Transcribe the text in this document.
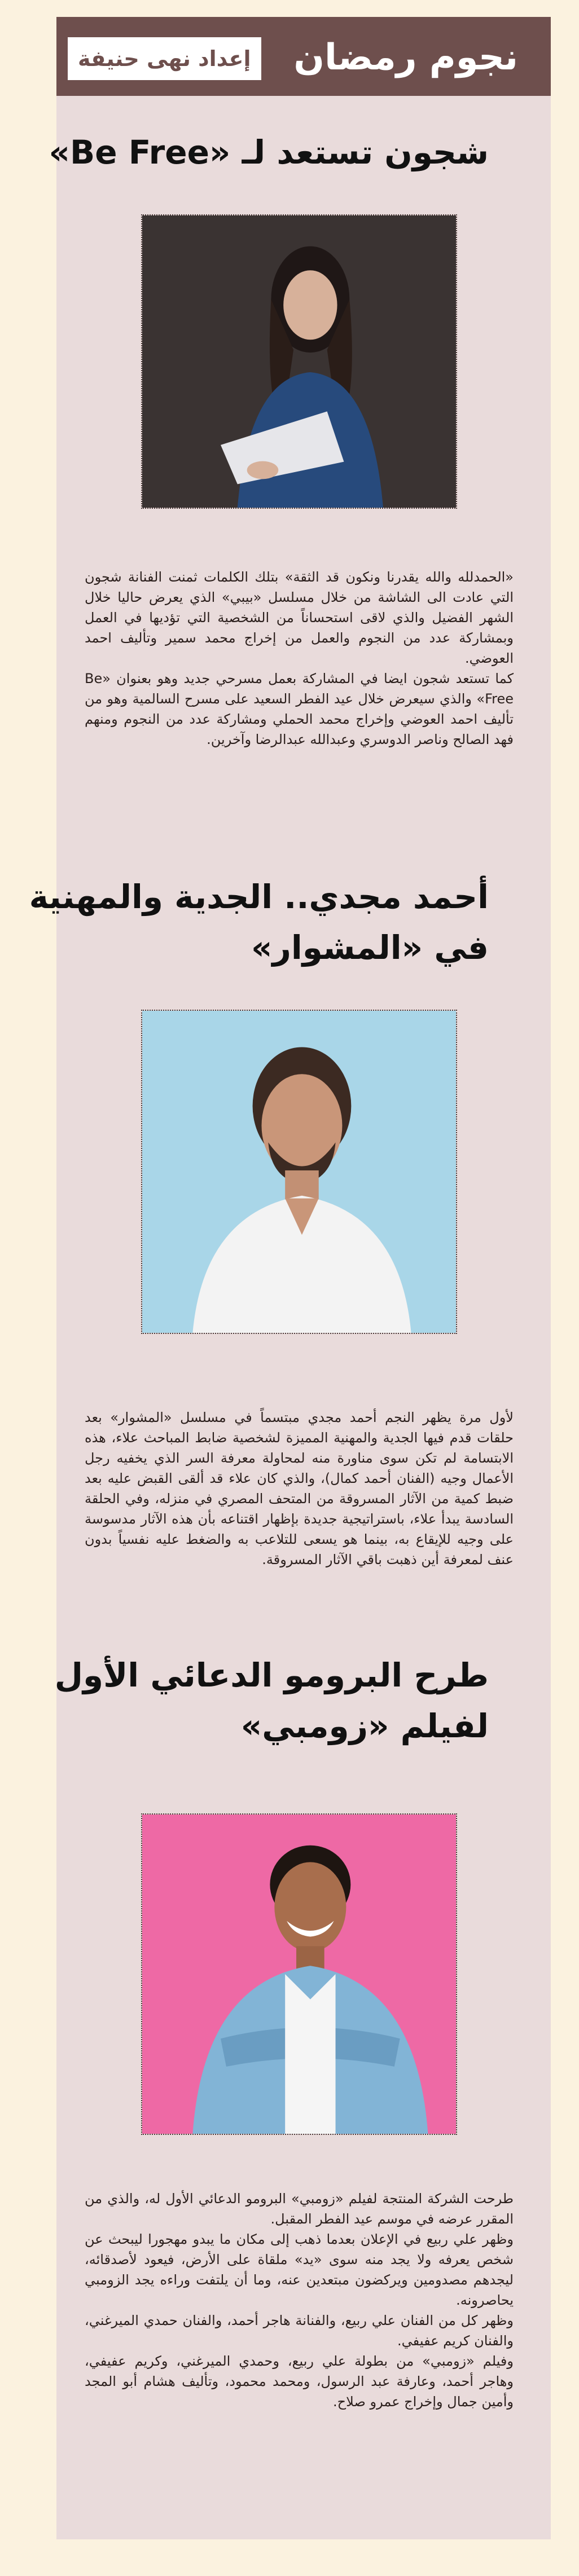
نجوم رمضان
إعداد نهى حنيفة
شجون تستعد لـ «Be Free»

«الحمدلله والله يقدرنا ونكون قد الثقة» بتلك الكلمات ثمنت الفنانة شجون التي عادت الى الشاشة من خلال مسلسل «بيبي» الذي يعرض حاليا خلال الشهر الفضيل والذي لاقى استحساناً من الشخصية التي تؤديها في العمل وبمشاركة عدد من النجوم والعمل من إخراج محمد سمير وتأليف احمد العوضي.

كما تستعد شجون ايضا في المشاركة بعمل مسرحي جديد وهو بعنوان «Be Free» والذي سيعرض خلال عيد الفطر السعيد على مسرح السالمية وهو من تأليف احمد العوضي وإخراج محمد الحملي ومشاركة عدد من النجوم ومنهم فهد الصالح وناصر الدوسري وعبدالله عبدالرضا وآخرين.

أحمد مجدي.. الجدية والمهنية
في «المشوار»

لأول مرة يظهر النجم أحمد مجدي مبتسماً في مسلسل «المشوار» بعد حلقات قدم فيها الجدية والمهنية المميزة لشخصية ضابط المباحث علاء، هذه الابتسامة لم تكن سوى مناورة منه لمحاولة معرفة السر الذي يخفيه رجل الأعمال وجيه (الفنان أحمد كمال)، والذي كان علاء قد ألقى القبض عليه بعد ضبط كمية من الآثار المسروقة من المتحف المصري في منزله، وفي الحلقة السادسة يبدأ علاء، باستراتيجية جديدة بإظهار اقتناعه بأن هذه الآثار مدسوسة على وجيه للإيقاع به، بينما هو يسعى للتلاعب به والضغط عليه نفسياً بدون عنف لمعرفة أين ذهبت باقي الآثار المسروقة.

طرح البرومو الدعائي الأول
لفيلم «زومبي»

طرحت الشركة المنتجة لفيلم «زومبي» البرومو الدعائي الأول له، والذي من المقرر عرضه في موسم عيد الفطر المقبل.

وظهر علي ربيع في الإعلان بعدما ذهب إلى مكان ما يبدو مهجورا ليبحث عن شخص يعرفه ولا يجد منه سوى «يد» ملقاة على الأرض، فيعود لأصدقائه، ليجدهم مصدومين ويركضون مبتعدين عنه، وما أن يلتفت وراءه يجد الزومبي يحاصرونه.

وظهر كل من الفنان علي ربيع، والفنانة هاجر أحمد، والفنان حمدي الميرغني، والفنان كريم عفيفي.

وفيلم «زومبي» من بطولة علي ربيع، وحمدي الميرغني، وكريم عفيفي، وهاجر أحمد، وعارفة عبد الرسول، ومحمد محمود، وتأليف هشام أبو المجد وأمين جمال وإخراج عمرو صلاح.
